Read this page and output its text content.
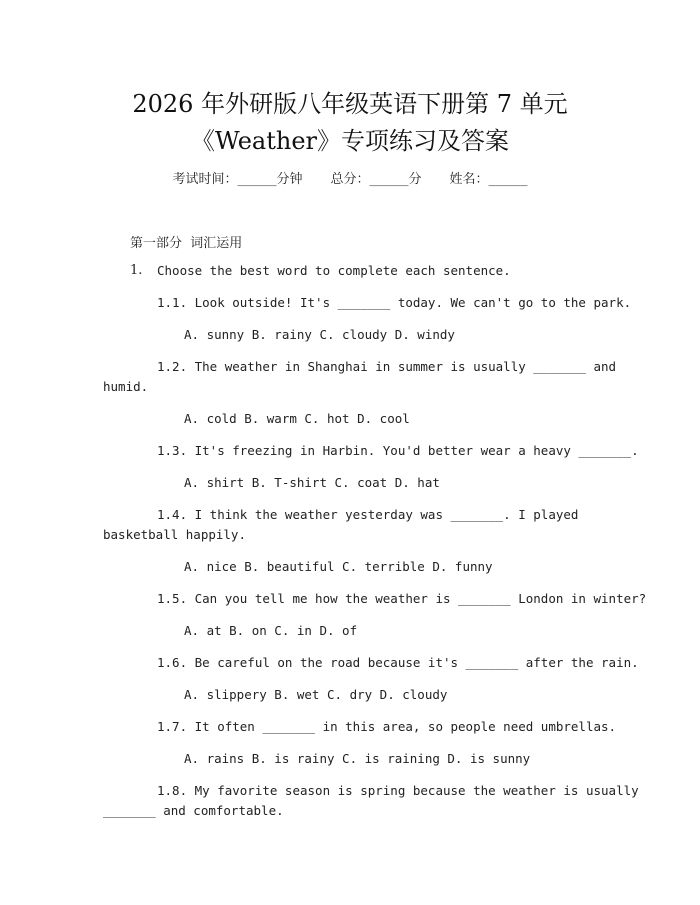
2026 年外研版八年级英语下册第 7 单元
《Weather》专项练习及答案
考试时间：______分钟 总分：______分 姓名：______
第一部分  词汇运用
1. Choose the best word to complete each sentence.
1.1. Look outside! It's _______ today. We can't go to the park.
A. sunny B. rainy C. cloudy D. windy
1.2. The weather in Shanghai in summer is usually _______ and
humid.
A. cold B. warm C. hot D. cool
1.3. It's freezing in Harbin. You'd better wear a heavy _______.
A. shirt B. T-shirt C. coat D. hat
1.4. I think the weather yesterday was _______. I played
basketball happily.
A. nice B. beautiful C. terrible D. funny
1.5. Can you tell me how the weather is _______ London in winter?
A. at B. on C. in D. of
1.6. Be careful on the road because it's _______ after the rain.
A. slippery B. wet C. dry D. cloudy
1.7. It often _______ in this area, so people need umbrellas.
A. rains B. is rainy C. is raining D. is sunny
1.8. My favorite season is spring because the weather is usually
_______ and comfortable.
